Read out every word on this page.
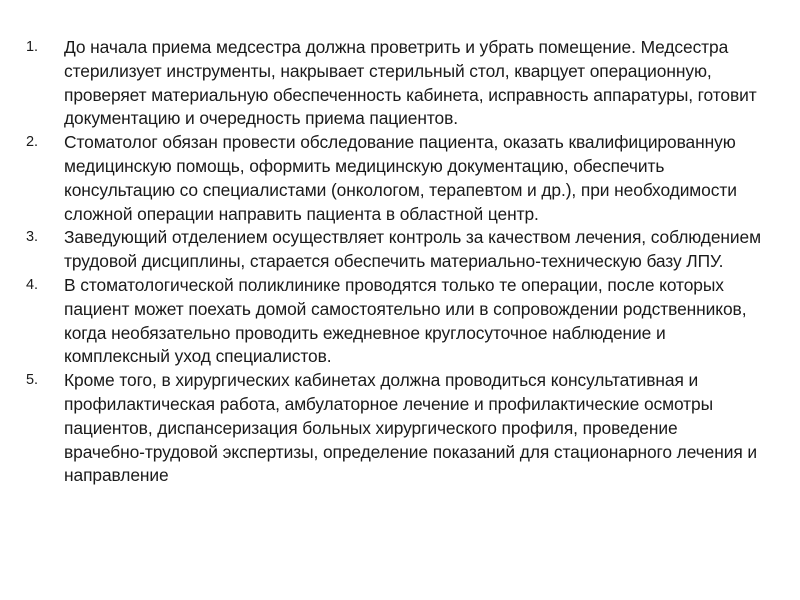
1.	До начала приема медсестра должна проветрить и убрать помещение. Медсестра стерилизует инструменты, накрывает стерильный стол, кварцует операционную, проверяет материальную обеспеченность кабинета, исправность аппаратуры, готовит документацию и очередность приема пациентов.
2.	Стоматолог обязан провести обследование пациента, оказать квалифицированную медицинскую помощь, оформить медицинскую документацию, обеспечить консультацию со специалистами (онкологом, терапевтом и др.), при необходимости сложной операции направить пациента в областной центр.
3.	Заведующий отделением осуществляет контроль за качеством лечения, соблюдением трудовой дисциплины, старается обеспечить материально-техническую базу ЛПУ.
4.	В стоматологической поликлинике проводятся только те операции, после которых пациент может поехать домой самостоятельно или в сопровождении родственников, когда необязательно проводить ежедневное круглосуточное наблюдение и комплексный уход специалистов.
5.	Кроме того, в хирургических кабинетах должна проводиться консультативная и профилактическая работа, амбулаторное лечение и профилактические осмотры пациентов, диспансеризация больных хирургического профиля, проведение врачебно-трудовой экспертизы, определение показаний для стационарного лечения и направление
